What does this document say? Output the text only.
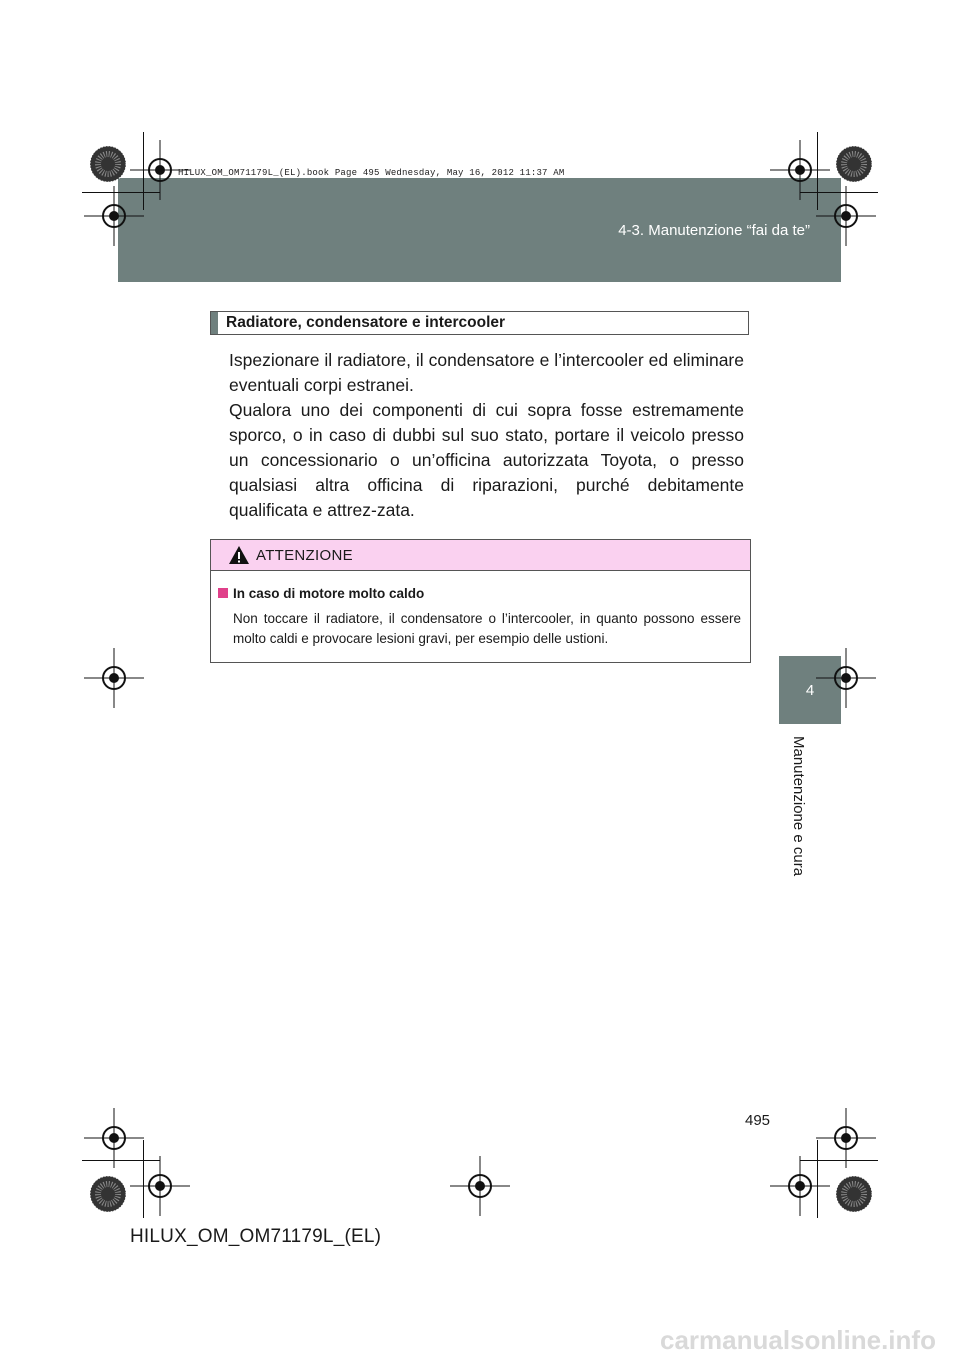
4-3. Manutenzione “fai da te”
HILUX_OM_OM71179L_(EL).book Page 495 Wednesday, May 16, 2012 11:37 AM
4
Manutenzione e cura
Radiatore, condensatore e intercooler

Ispezionare il radiatore, il condensatore e l’intercooler ed eliminare eventuali corpi estranei.

Qualora uno dei componenti di cui sopra fosse estremamente sporco, o in caso di dubbi sul suo stato, portare il veicolo presso un concessionario o un’officina autorizzata Toyota, o presso qualsiasi altra officina di riparazioni, purché debitamente qualificata e attrez-zata.

ATTENZIONE
In caso di motore molto caldo
Non toccare il radiatore, il condensatore o l’intercooler, in quanto possono essere molto caldi e provocare lesioni gravi, per esempio delle ustioni.
495
HILUX_OM_OM71179L_(EL)
carmanualsonline.info
